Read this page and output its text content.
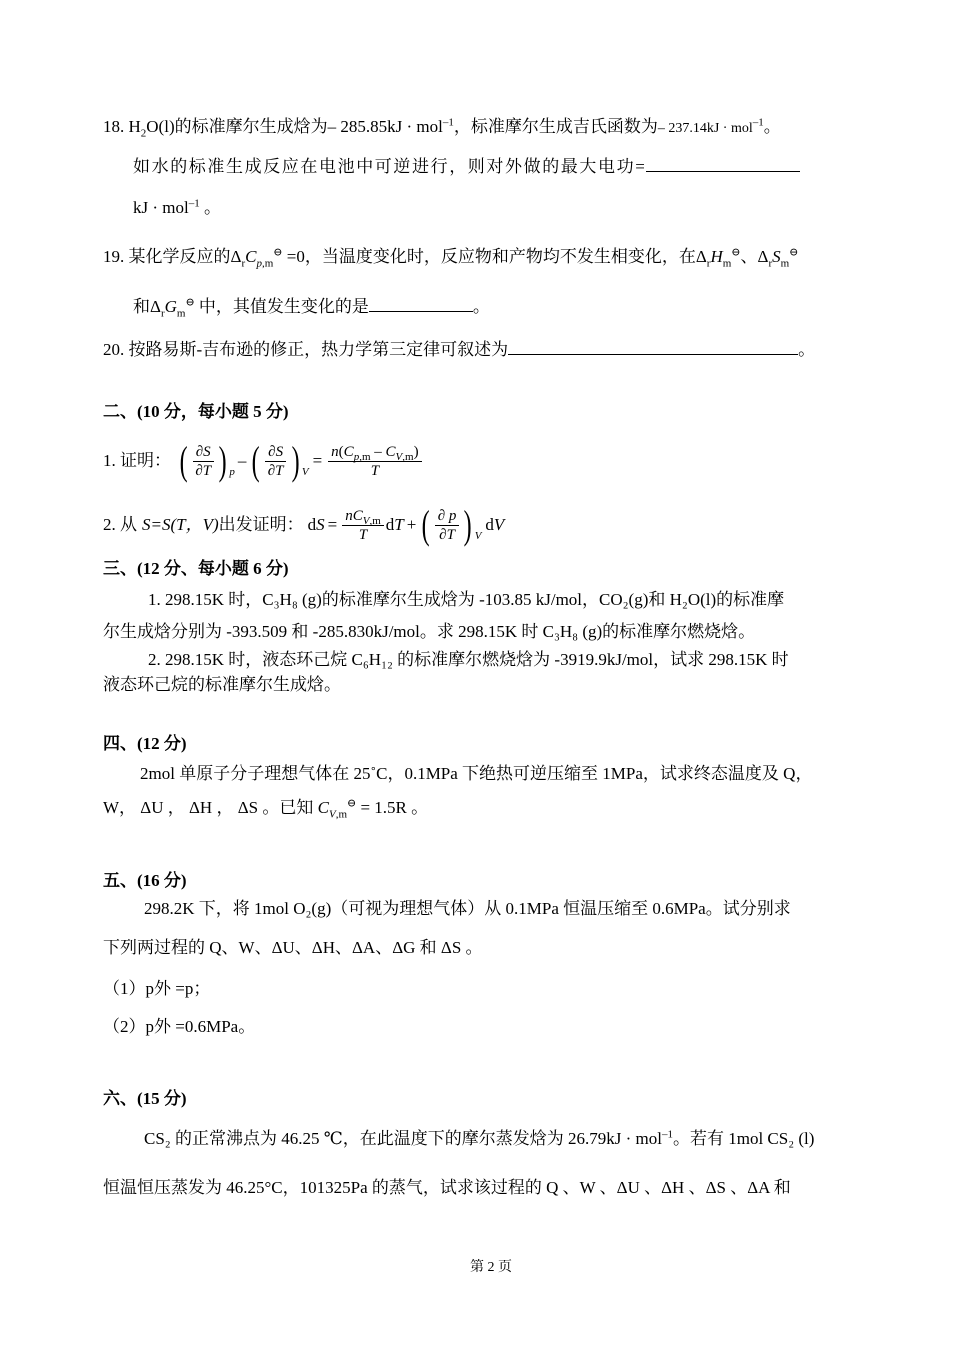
18. $H_2O(l)$的标准摩尔生成焓为– 285.85kJ · mol$^{-1}$，标准摩尔生成吉氏函数为– 237.14kJ · mol$^{-1}$。
如水的标准生成反应在电池中可逆进行，则对外做的最大电功=
kJ · mol$^{-1}$ 。
19. 某化学反应的$\Delta_rC_{p,m}^⊖ =0$，当温度变化时，反应物和产物均不发生相变化，在$\Delta_rH_m^⊖$、$\Delta_rS_m^⊖$
和$\Delta_rG_m^⊖$ 中，其值发生变化的是	。
20. 按路易斯-吉布逊的修正，热力学第三定律可叙述为	。
二、(10 分，每小题 5 分)
1. 证明： ( $\frac{\partial S}{\partial T}$ ) p
– ( $\frac{\partial S}{\partial T}$ ) V
= $\frac{n(C_{p,m} - C_{V,m})}{T}$
2. 从 S=S(T，V) 出发证明： d $S = \frac{nC_{V,m}}{T}$ d T + ( $\frac{\partial p}{\partial T}$ ) V
dV
三、(12 分、每小题 6 分)
1. 298.15K 时，C₃H₈ (g)的标准摩尔生成焓为 -103.85 kJ/mol，CO₂(g)和 H₂O(l)的标准摩
尔生成焓分别为 -393.509 和 -285.830kJ/mol。求 298.15K 时 C₃H₈ (g)的标准摩尔燃烧焓。
2. 298.15K 时，液态环己烷 C₆H₁₂ 的标准摩尔燃烧焓为 -3919.9kJ/mol，试求 298.15K 时
液态环己烷的标准摩尔生成焓。
四、(12 分)
2mol 单原子分子理想气体在 25˚C，0.1MPa 下绝热可逆压缩至 1MPa，试求终态温度及 Q，
W， ΔU ， ΔH ， ΔS 。已知 $C_{V,m}^⊖ = 1.5R$ 。
五、(16 分)
298.2K 下，将 1mol O₂(g)（可视为理想气体）从 0.1MPa 恒温压缩至 0.6MPa。试分别求
下列两过程的 Q、W、ΔU、ΔH、ΔA、ΔG 和 ΔS 。
（1）p外 =p；
（2）p外 =0.6MPa。
六、(15 分)
CS₂ 的正常沸点为 46.25 ℃，在此温度下的摩尔蒸发焓为 26.79kJ · mol$^{-1}$。若有 1mol CS₂ (l)
恒温恒压蒸发为 46.25°C，101325Pa 的蒸气，试求该过程的 Q 、W 、ΔU 、ΔH 、ΔS 、ΔA 和
第 2 页
